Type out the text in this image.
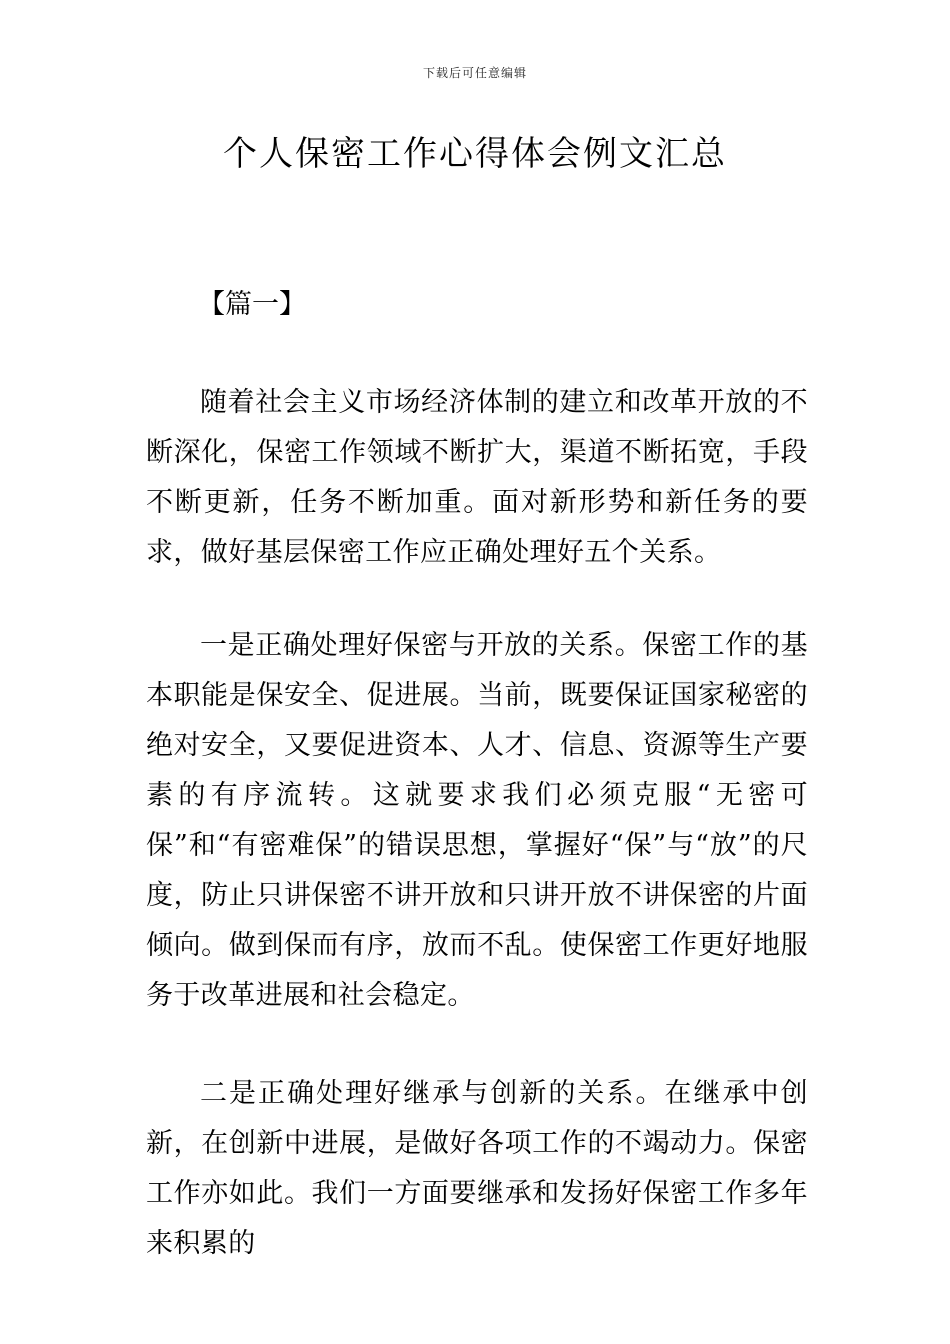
下载后可任意编辑
个人保密工作心得体会例文汇总
【篇一】

随着社会主义市场经济体制的建立和改革开放的不断深化，保密工作领域不断扩大，渠道不断拓宽，手段不断更新，任务不断加重。面对新形势和新任务的要求，做好基层保密工作应正确处理好五个关系。

一是正确处理好保密与开放的关系。保密工作的基本职能是保安全、促进展。当前，既要保证国家秘密的绝对安全，又要促进资本、人才、信息、资源等生产要素的有序流转。这就要求我们必须克服“无密可保”和“有密难保”的错误思想，掌握好“保”与“放”的尺度，防止只讲保密不讲开放和只讲开放不讲保密的片面倾向。做到保而有序，放而不乱。使保密工作更好地服务于改革进展和社会稳定。

二是正确处理好继承与创新的关系。在继承中创新，在创新中进展，是做好各项工作的不竭动力。保密工作亦如此。我们一方面要继承和发扬好保密工作多年来积累的
